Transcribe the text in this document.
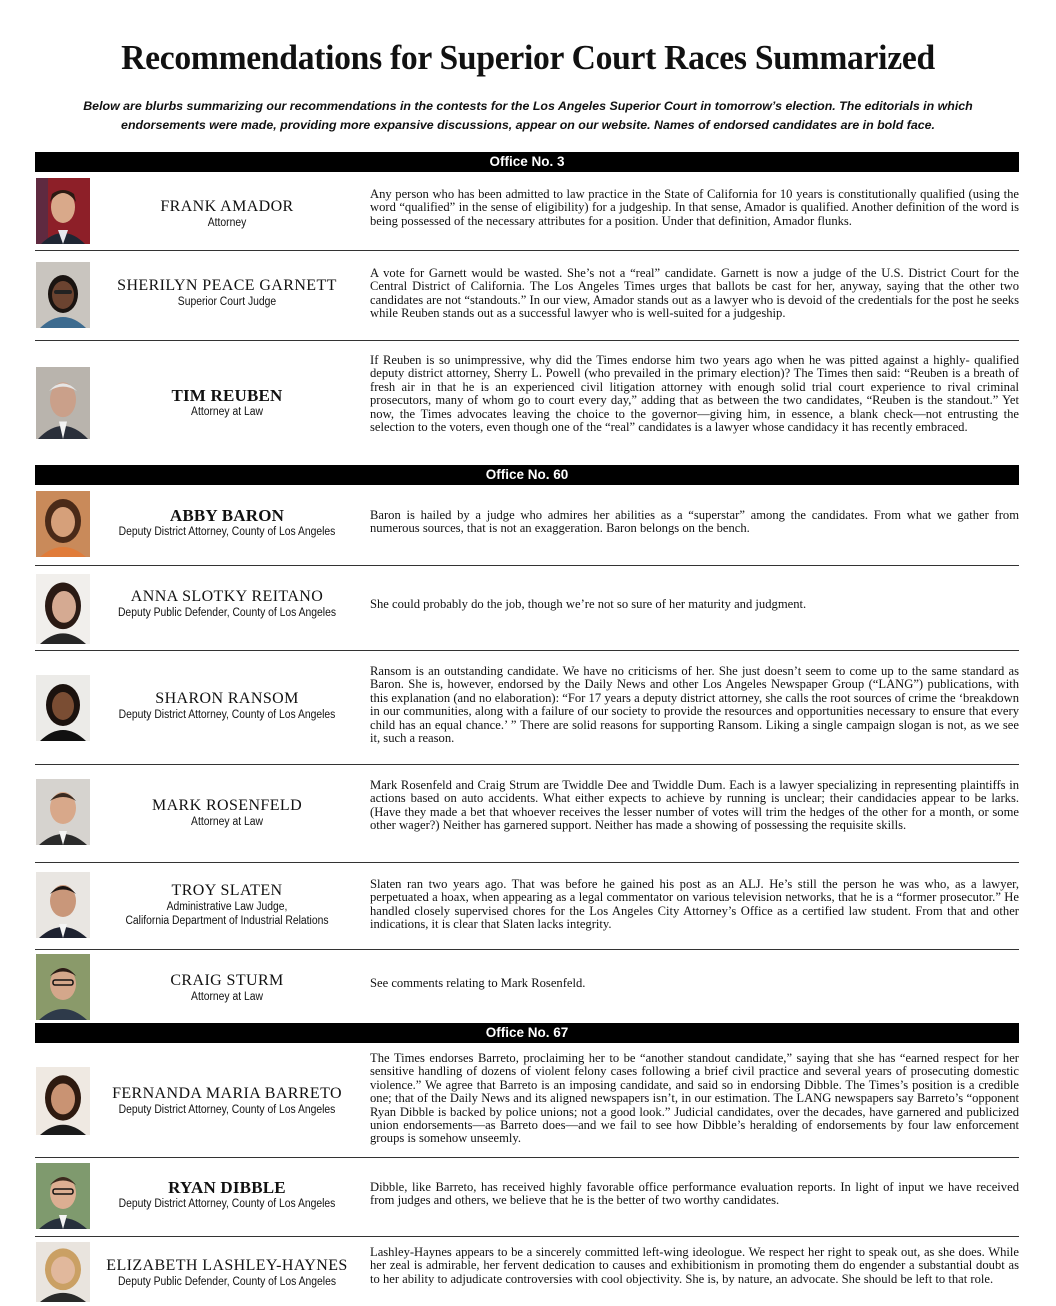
Recommendations for Superior Court Races Summarized

Below are blurbs summarizing our recommendations in the contests for the Los Angeles Superior Court in tomorrow’s election. The editorials in which endorsements were made, providing more expansive discussions, appear on our website. Names of endorsed candidates are in bold face.

Office No. 3
FRANK AMADOR
Attorney

Any person who has been admitted to law practice in the State of California for 10 years is constitutionally qualified (using the word “qualified” in the sense of eligibility) for a judgeship. In that sense, Amador is qualified. Another definition of the word is being possessed of the necessary attributes for a position. Under that definition, Amador flunks.

SHERILYN PEACE GARNETT
Superior Court Judge

A vote for Garnett would be wasted. She’s not a “real” candidate. Garnett is now a judge of the U.S. District Court for the Central District of California. The Los Angeles Times urges that ballots be cast for her, anyway, saying that the other two candidates are not “standouts.” In our view, Amador stands out as a lawyer who is devoid of the credentials for the post he seeks while Reuben stands out as a successful lawyer who is well-suited for a judgeship.

TIM REUBEN
Attorney at Law

If Reuben is so unimpressive, why did the Times endorse him two years ago when he was pitted against a highly- qualified deputy district attorney, Sherry L. Powell (who prevailed in the primary election)? The Times then said: “Reuben is a breath of fresh air in that he is an experienced civil litigation attorney with enough solid trial court experience to rival criminal prosecutors, many of whom go to court every day,” adding that as between the two candidates, “Reuben is the standout.” Yet now, the Times advocates leaving the choice to the governor—giving him, in essence, a blank check—not entrusting the selection to the voters, even though one of the “real” candidates is a lawyer whose candidacy it has recently embraced.

Office No. 60
ABBY BARON
Deputy District Attorney, County of Los Angeles

Baron is hailed by a judge who admires her abilities as a “superstar” among the candidates. From what we gather from numerous sources, that is not an exaggeration. Baron belongs on the bench.

ANNA SLOTKY REITANO
Deputy Public Defender, County of Los Angeles

She could probably do the job, though we’re not so sure of her maturity and judgment.

SHARON RANSOM
Deputy District Attorney, County of Los Angeles

Ransom is an outstanding candidate. We have no criticisms of her. She just doesn’t seem to come up to the same standard as Baron. She is, however, endorsed by the Daily News and other Los Angeles Newspaper Group (“LANG”) publications, with this explanation (and no elaboration): “For 17 years a deputy district attorney, she calls the root sources of crime the ‘breakdown in our communities, along with a failure of our society to provide the resources and opportunities necessary to ensure that every child has an equal chance.’ ” There are solid reasons for supporting Ransom. Liking a single campaign slogan is not, as we see it, such a reason.

MARK ROSENFELD
Attorney at Law

Mark Rosenfeld and Craig Strum are Twiddle Dee and Twiddle Dum. Each is a lawyer specializing in representing plaintiffs in actions based on auto accidents. What either expects to achieve by running is unclear; their candidacies appear to be larks. (Have they made a bet that whoever receives the lesser number of votes will trim the hedges of the other for a month, or some other wager?) Neither has garnered support. Neither has made a showing of possessing the requisite skills.

TROY SLATEN
Administrative Law Judge,
California Department of Industrial Relations

Slaten ran two years ago. That was before he gained his post as an ALJ. He’s still the person he was who, as a lawyer, perpetuated a hoax, when appearing as a legal commentator on various television networks, that he is a “former prosecutor.” He handled closely supervised chores for the Los Angeles City Attorney’s Office as a certified law student. From that and other indications, it is clear that Slaten lacks integrity.

CRAIG STURM
Attorney at Law

See comments relating to Mark Rosenfeld.

Office No. 67
FERNANDA MARIA BARRETO
Deputy District Attorney, County of Los Angeles

The Times endorses Barreto, proclaiming her to be “another standout candidate,” saying that she has “earned respect for her sensitive handling of dozens of violent felony cases following a brief civil practice and several years of prosecuting domestic violence.” We agree that Barreto is an imposing candidate, and said so in endorsing Dibble. The Times’s position is a credible one; that of the Daily News and its aligned newspapers isn’t, in our estimation. The LANG newspapers say Barreto’s “opponent Ryan Dibble is backed by police unions; not a good look.” Judicial candidates, over the decades, have garnered and publicized union endorsements—as Barreto does—and we fail to see how Dibble’s heralding of endorsements by four law enforcement groups is somehow unseemly.

RYAN DIBBLE
Deputy District Attorney, County of Los Angeles

Dibble, like Barreto, has received highly favorable office performance evaluation reports. In light of input we have received from judges and others, we believe that he is the better of two worthy candidates.

ELIZABETH LASHLEY-HAYNES
Deputy Public Defender, County of Los Angeles

Lashley-Haynes appears to be a sincerely committed left-wing ideologue. We respect her right to speak out, as she does. While her zeal is admirable, her fervent dedication to causes and exhibitionism in promoting them do engender a substantial doubt as to her ability to adjudicate controversies with cool objectivity. She is, by nature, an advocate. She should be left to that role.
